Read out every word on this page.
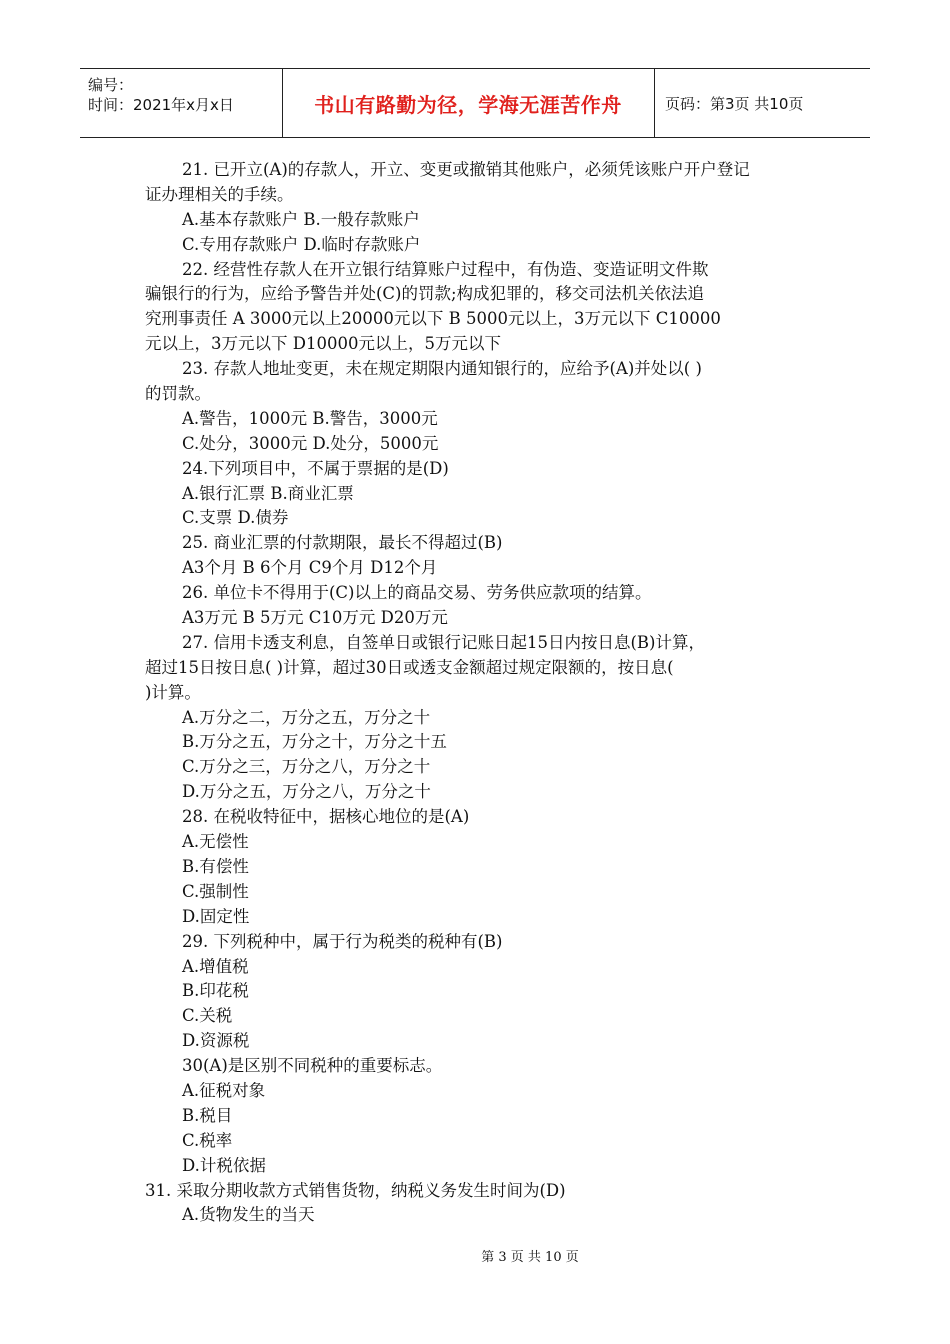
编号：
时间：2021年x月x日	书山有路勤为径，学海无涯苦作舟	页码：第3页 共10页
21. 已开立(A)的存款人，开立、变更或撤销其他账户，必须凭该账户开户登记
证办理相关的手续。
A.基本存款账户 B.一般存款账户
C.专用存款账户 D.临时存款账户
22. 经营性存款人在开立银行结算账户过程中，有伪造、变造证明文件欺
骗银行的行为，应给予警告并处(C)的罚款;构成犯罪的，移交司法机关依法追
究刑事责任 A 3000元以上20000元以下 B 5000元以上，3万元以下 C10000
元以上，3万元以下 D10000元以上，5万元以下
23. 存款人地址变更，未在规定期限内通知银行的，应给予(A)并处以( )
的罚款。
A.警告，1000元 B.警告，3000元
C.处分，3000元 D.处分，5000元
24.下列项目中，不属于票据的是(D)
A.银行汇票 B.商业汇票
C.支票 D.债券
25. 商业汇票的付款期限，最长不得超过(B)
A3个月 B 6个月 C9个月 D12个月
26. 单位卡不得用于(C)以上的商品交易、劳务供应款项的结算。
A3万元 B 5万元 C10万元 D20万元
27. 信用卡透支利息，自签单日或银行记账日起15日内按日息(B)计算，
超过15日按日息( )计算，超过30日或透支金额超过规定限额的，按日息(
)计算。
A.万分之二，万分之五，万分之十
B.万分之五，万分之十，万分之十五
C.万分之三，万分之八，万分之十
D.万分之五，万分之八，万分之十
28. 在税收特征中，据核心地位的是(A)
A.无偿性
B.有偿性
C.强制性
D.固定性
29. 下列税种中，属于行为税类的税种有(B)
A.增值税
B.印花税
C.关税
D.资源税
30(A)是区别不同税种的重要标志。
A.征税对象
B.税目
C.税率
D.计税依据
31. 采取分期收款方式销售货物，纳税义务发生时间为(D)
A.货物发生的当天
第 3 页 共 10 页
